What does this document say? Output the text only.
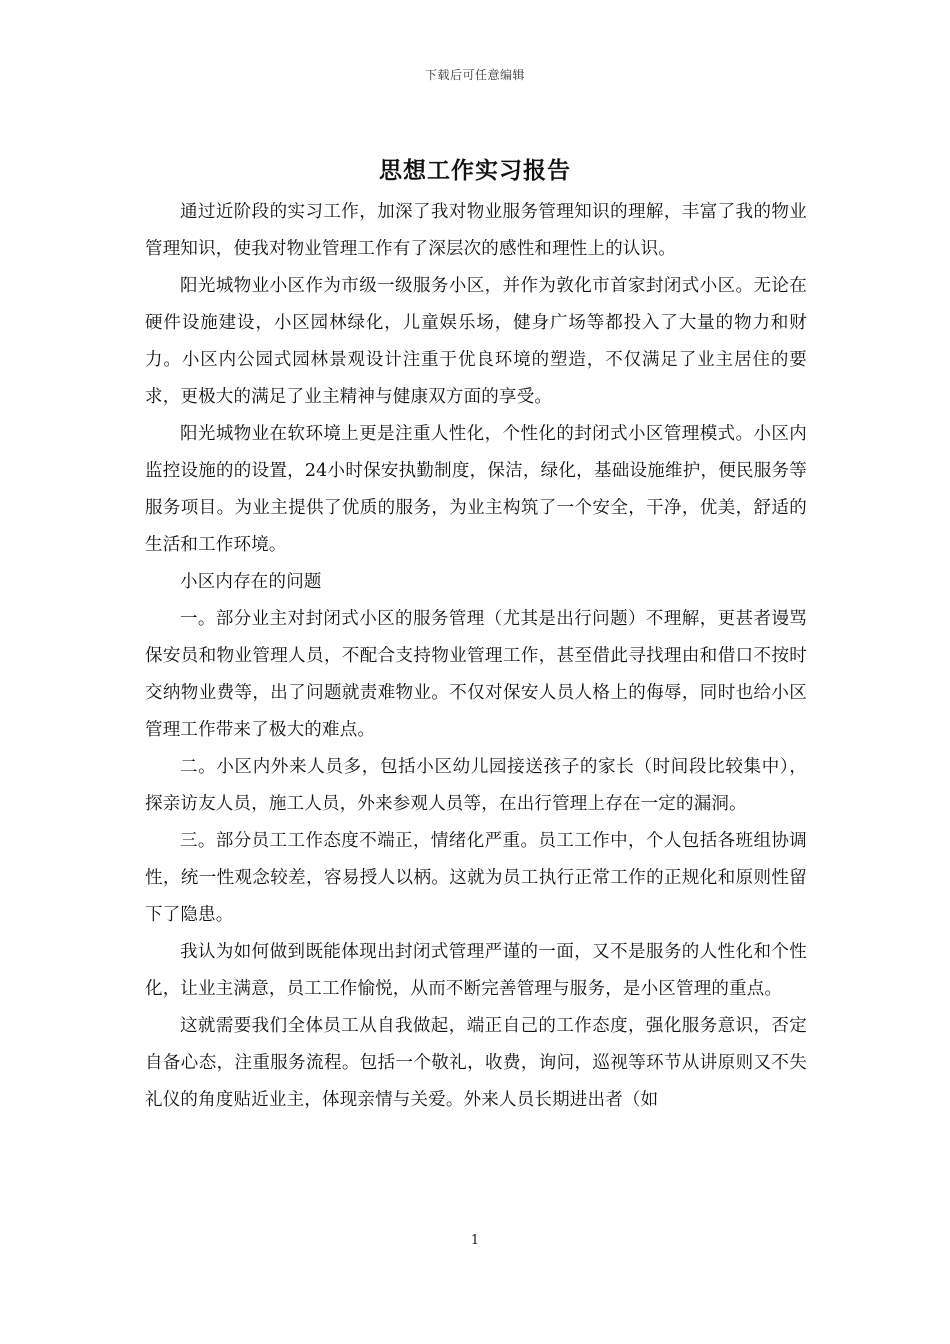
下载后可任意编辑
思想工作实习报告

通过近阶段的实习工作，加深了我对物业服务管理知识的理解，丰富了我的物业管理知识，使我对物业管理工作有了深层次的感性和理性上的认识。

阳光城物业小区作为市级一级服务小区，并作为敦化市首家封闭式小区。无论在硬件设施建设，小区园林绿化，儿童娱乐场，健身广场等都投入了大量的物力和财力。小区内公园式园林景观设计注重于优良环境的塑造，不仅满足了业主居住的要求，更极大的满足了业主精神与健康双方面的享受。

阳光城物业在软环境上更是注重人性化，个性化的封闭式小区管理模式。小区内监控设施的的设置，24小时保安执勤制度，保洁，绿化，基础设施维护，便民服务等服务项目。为业主提供了优质的服务，为业主构筑了一个安全，干净，优美，舒适的生活和工作环境。

小区内存在的问题

一。部分业主对封闭式小区的服务管理（尤其是出行问题）不理解，更甚者谩骂保安员和物业管理人员，不配合支持物业管理工作，甚至借此寻找理由和借口不按时交纳物业费等，出了问题就责难物业。不仅对保安人员人格上的侮辱，同时也给小区管理工作带来了极大的难点。

二。小区内外来人员多，包括小区幼儿园接送孩子的家长（时间段比较集中），探亲访友人员，施工人员，外来参观人员等，在出行管理上存在一定的漏洞。

三。部分员工工作态度不端正，情绪化严重。员工工作中，个人包括各班组协调性，统一性观念较差，容易授人以柄。这就为员工执行正常工作的正规化和原则性留下了隐患。

我认为如何做到既能体现出封闭式管理严谨的一面，又不是服务的人性化和个性化，让业主满意，员工工作愉悦，从而不断完善管理与服务，是小区管理的重点。

这就需要我们全体员工从自我做起，端正自己的工作态度，强化服务意识，否定自备心态，注重服务流程。包括一个敬礼，收费，询问，巡视等环节从讲原则又不失礼仪的角度贴近业主，体现亲情与关爱。外来人员长期进出者（如

1
